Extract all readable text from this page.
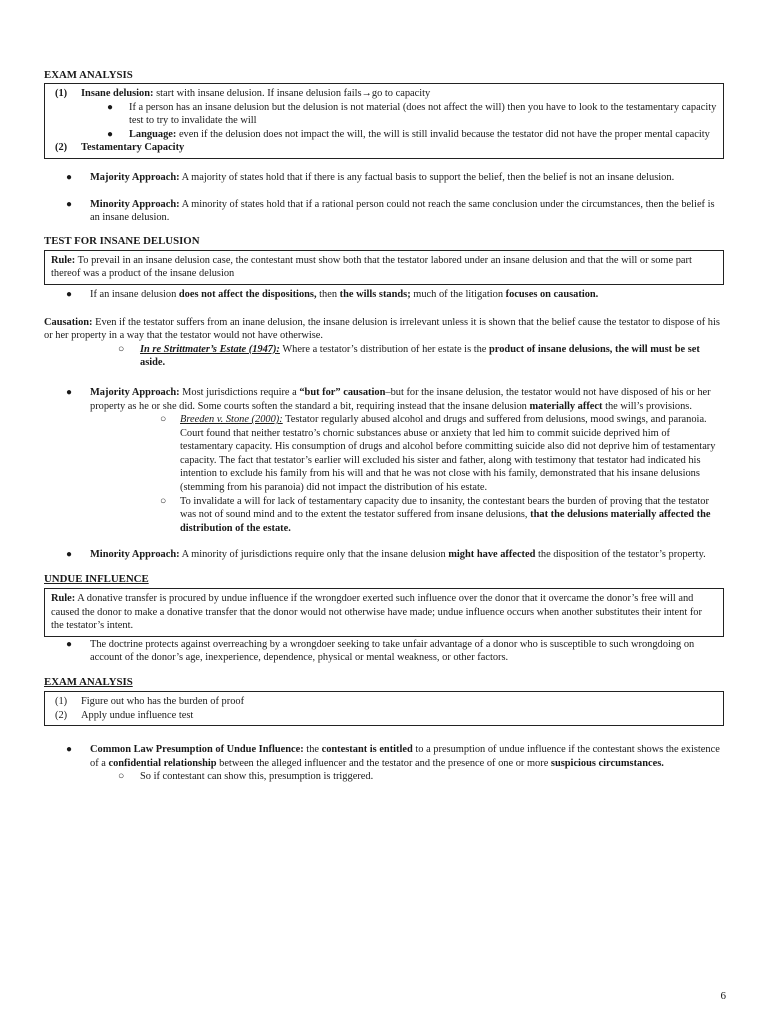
EXAM ANALYSIS
(1) Insane delusion: start with insane delusion. If insane delusion fails→go to capacity
● If a person has an insane delusion but the delusion is not material (does not affect the will) then you have to look to the testamentary capacity test to try to invalidate the will
● Language: even if the delusion does not impact the will, the will is still invalid because the testator did not have the proper mental capacity
(2) Testamentary Capacity
● Majority Approach: A majority of states hold that if there is any factual basis to support the belief, then the belief is not an insane delusion.
● Minority Approach: A minority of states hold that if a rational person could not reach the same conclusion under the circumstances, then the belief is an insane delusion.
TEST FOR INSANE DELUSION
Rule: To prevail in an insane delusion case, the contestant must show both that the testator labored under an insane delusion and that the will or some part thereof was a product of the insane delusion
● If an insane delusion does not affect the dispositions, then the wills stands; much of the litigation focuses on causation.
Causation: Even if the testator suffers from an inane delusion, the insane delusion is irrelevant unless it is shown that the belief cause the testator to dispose of his or her property in a way that the testator would not have otherwise.
○ In re Strittmater’s Estate (1947): Where a testator’s distribution of her estate is the product of insane delusions, the will must be set aside.
● Majority Approach: Most jurisdictions require a “but for” causation–but for the insane delusion, the testator would not have disposed of his or her property as he or she did. Some courts soften the standard a bit, requiring instead that the insane delusion materially affect the will’s provisions.
○ Breeden v. Stone (2000): Testator regularly abused alcohol and drugs and suffered from delusions, mood swings, and paranoia. Court found that neither testatro’s chornic substances abuse or anxiety that led him to commit suicide deprived him of testamentary capacity. His consumption of drugs and alcohol before committing suicide also did not deprive him of testamentary capacity. The fact that testator’s earlier will excluded his sister and father, along with testimony that testator had indicated his intention to exclude his family from his will and that he was not close with his family, demonstrated that his insane delusions (stemming from his paranoia) did not impact the distribution of his estate.
○ To invalidate a will for lack of testamentary capacity due to insanity, the contestant bears the burden of proving that the testator was not of sound mind and to the extent the testator suffered from insane delusions, that the delusions materially affected the distribution of the estate.
● Minority Approach: A minority of jurisdictions require only that the insane delusion might have affected the disposition of the testator’s property.
UNDUE INFLUENCE
Rule: A donative transfer is procured by undue influence if the wrongdoer exerted such influence over the donor that it overcame the donor’s free will and caused the donor to make a donative transfer that the donor would not otherwise have made; undue influence occurs when another substitutes their intent for the testator’s intent.
● The doctrine protects against overreaching by a wrongdoer seeking to take unfair advantage of a donor who is susceptible to such wrongdoing on account of the donor’s age, inexperience, dependence, physical or mental weakness, or other factors.
EXAM ANALYSIS
(1) Figure out who has the burden of proof
(2) Apply undue influence test
● Common Law Presumption of Undue Influence: the contestant is entitled to a presumption of undue influence if the contestant shows the existence of a confidential relationship between the alleged influencer and the testator and the presence of one or more suspicious circumstances.
○ So if contestant can show this, presumption is triggered.
6
